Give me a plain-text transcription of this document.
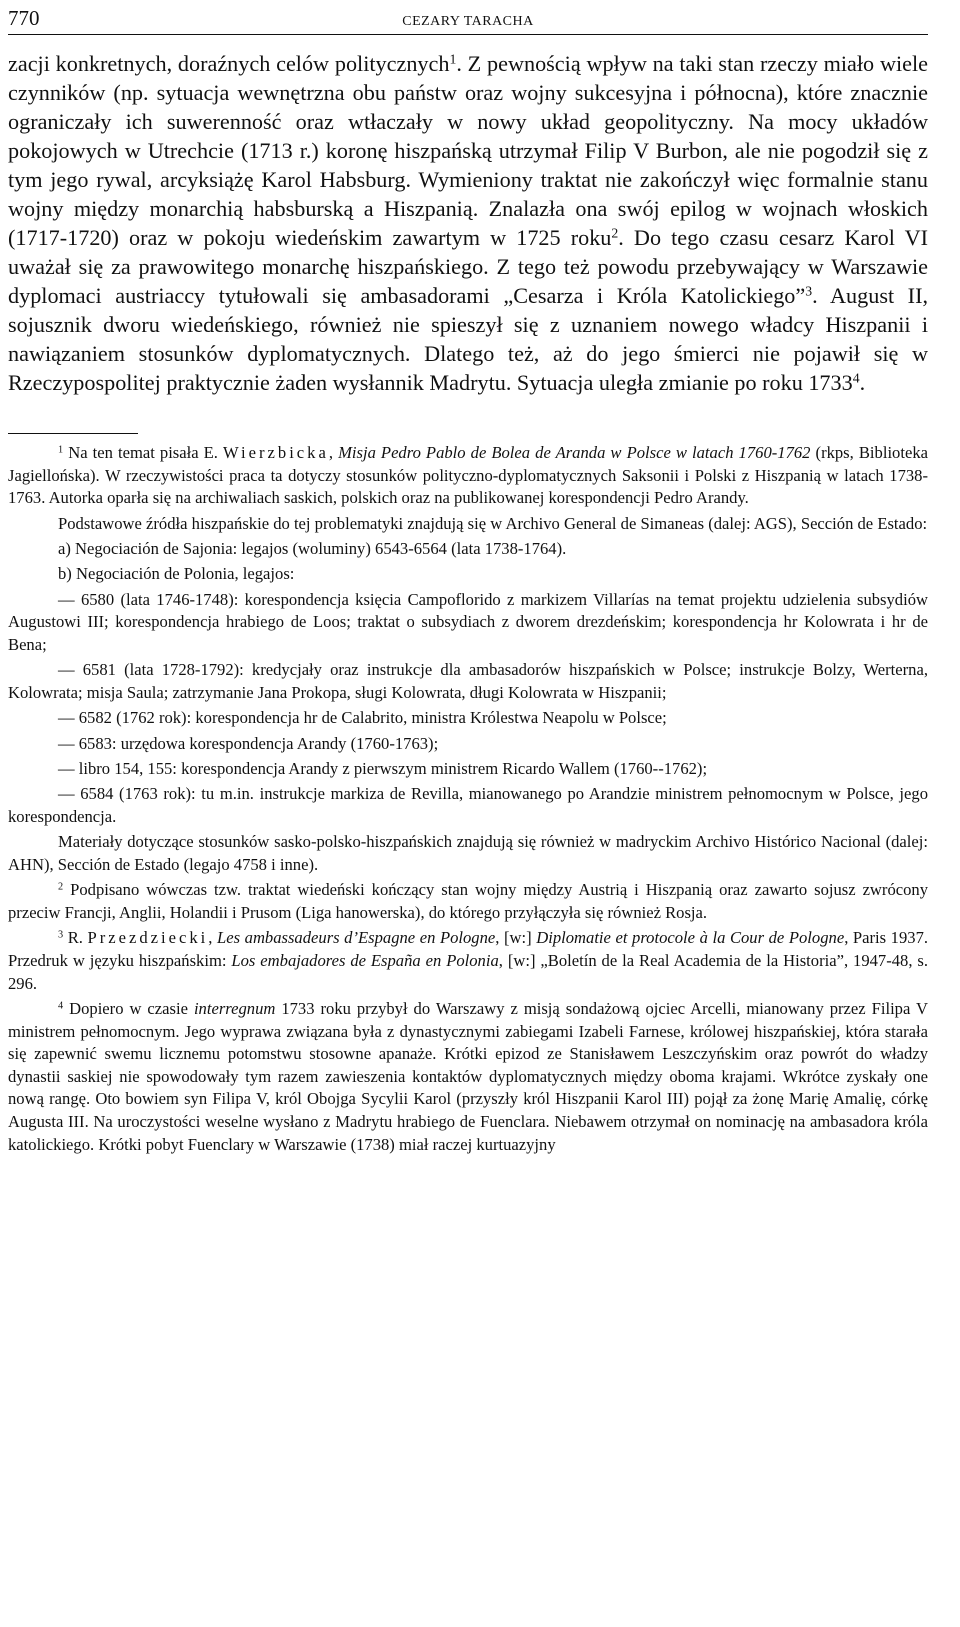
770	CEZARY TARACHA

zacji konkretnych, doraźnych celów politycznych$^1$. Z pewnością wpływ na taki stan rzeczy miało wiele czynników (np. sytuacja wewnętrzna obu państw oraz wojny sukcesyjna i północna), które znacznie ograniczały ich suwerenność oraz wtłaczały w nowy układ geopolityczny. Na mocy układów pokojowych w Utrechcie (1713 r.) koronę hiszpańską utrzymał Filip V Burbon, ale nie pogodził się z tym jego rywal, arcyksiążę Karol Habsburg. Wymieniony traktat nie zakończył więc formalnie stanu wojny między monarchią habsburską a Hiszpanią. Znalazła ona swój epilog w wojnach włoskich (1717-1720) oraz w pokoju wiedeńskim zawartym w 1725 roku$^2$. Do tego czasu cesarz Karol VI uważał się za prawowitego monarchę hiszpańskiego. Z tego też powodu przebywający w Warszawie dyplomaci austriaccy tytułowali się ambasadorami „Cesarza i Króla Katolickiego”$^3$. August II, sojusznik dworu wiedeńskiego, również nie spieszył się z uznaniem nowego władcy Hiszpanii i nawiązaniem stosunków dyplomatycznych. Dlatego też, aż do jego śmierci nie pojawił się w Rzeczypospolitej praktycznie żaden wysłannik Madrytu. Sytuacja uległa zmianie po roku 1733$^4$.

$^1$ Na ten temat pisała E. Wierzbicka, Misja Pedro Pablo de Bolea de Aranda w Polsce w latach 1760-1762 (rkps, Biblioteka Jagiellońska). W rzeczywistości praca ta dotyczy stosunków polityczno-dyplomatycznych Saksonii i Polski z Hiszpanią w latach 1738-1763. Autorka oparła się na archiwaliach saskich, polskich oraz na publikowanej korespondencji Pedro Arandy.

Podstawowe źródła hiszpańskie do tej problematyki znajdują się w Archivo General de Simaneas (dalej: AGS), Sección de Estado:

a) Negociación de Sajonia: legajos (woluminy) 6543-6564 (lata 1738-1764).

b) Negociación de Polonia, legajos:

— 6580 (lata 1746-1748): korespondencja księcia Campoflorido z markizem Villarías na temat projektu udzielenia subsydiów Augustowi III; korespondencja hrabiego de Loos; traktat o subsydiach z dworem drezdeńskim; korespondencja hr Kolowrata i hr de Bena;

— 6581 (lata 1728-1792): kredycjały oraz instrukcje dla ambasadorów hiszpańskich w Polsce; instrukcje Bolzy, Werterna, Kolowrata; misja Saula; zatrzymanie Jana Prokopa, sługi Kolowrata, długi Kolowrata w Hiszpanii;

— 6582 (1762 rok): korespondencja hr de Calabrito, ministra Królestwa Neapolu w Polsce;

— 6583: urzędowa korespondencja Arandy (1760-1763);

— libro 154, 155: korespondencja Arandy z pierwszym ministrem Ricardo Wallem (1760--1762);

— 6584 (1763 rok): tu m.in. instrukcje markiza de Revilla, mianowanego po Arandzie ministrem pełnomocnym w Polsce, jego korespondencja.

Materiały dotyczące stosunków sasko-polsko-hiszpańskich znajdują się również w madryckim Archivo Histórico Nacional (dalej: AHN), Sección de Estado (legajo 4758 i inne).

$^2$ Podpisano wówczas tzw. traktat wiedeński kończący stan wojny między Austrią i Hiszpanią oraz zawarto sojusz zwrócony przeciw Francji, Anglii, Holandii i Prusom (Liga hanowerska), do którego przyłączyła się również Rosja.

$^3$ R. Przezdziecki, Les ambassadeurs d’Espagne en Pologne, [w:] Diplomatie et protocole à la Cour de Pologne, Paris 1937. Przedruk w języku hiszpańskim: Los embajadores de España en Polonia, [w:] „Boletín de la Real Academia de la Historia”, 1947-48, s. 296.

$^4$ Dopiero w czasie interregnum 1733 roku przybył do Warszawy z misją sondażową ojciec Arcelli, mianowany przez Filipa V ministrem pełnomocnym. Jego wyprawa związana była z dynastycznymi zabiegami Izabeli Farnese, królowej hiszpańskiej, która starała się zapewnić swemu licznemu potomstwu stosowne apanaże. Krótki epizod ze Stanisławem Leszczyńskim oraz powrót do władzy dynastii saskiej nie spowodowały tym razem zawieszenia kontaktów dyplomatycznych między oboma krajami. Wkrótce zyskały one nową rangę. Oto bowiem syn Filipa V, król Obojga Sycylii Karol (przyszły król Hiszpanii Karol III) pojął za żonę Marię Amalię, córkę Augusta III. Na uroczystości weselne wysłano z Madrytu hrabiego de Fuenclara. Niebawem otrzymał on nominację na ambasadora króla katolickiego. Krótki pobyt Fuenclary w Warszawie (1738) miał raczej kurtuazyjny
